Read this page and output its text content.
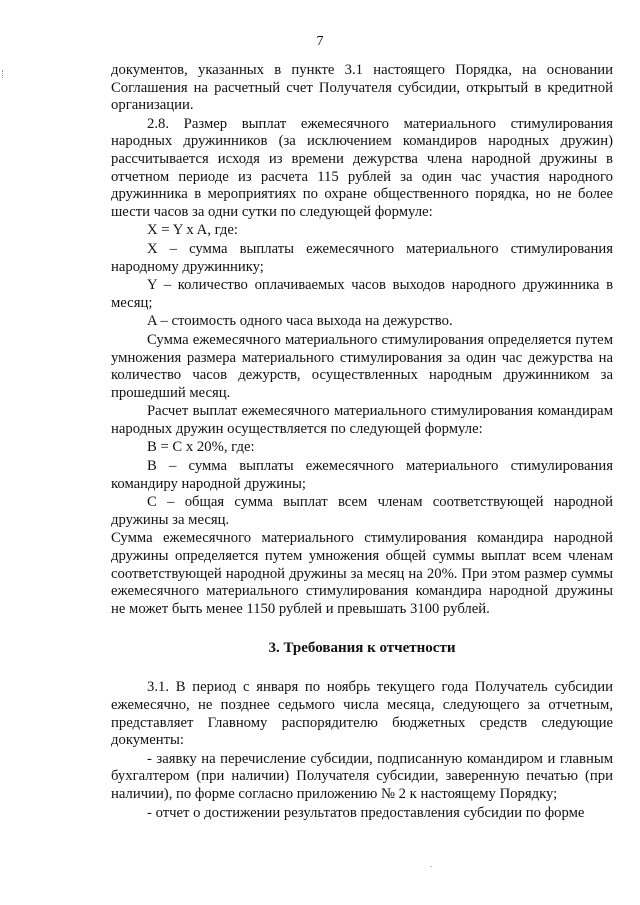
7

документов, указанных в пункте 3.1 настоящего Порядка, на основании Соглашения на расчетный счет Получателя субсидии, открытый в кредитной организации.

2.8. Размер выплат ежемесячного материального стимулирования народных дружинников (за исключением командиров народных дружин) рассчитывается исходя из времени дежурства члена народной дружины в отчетном периоде из расчета 115 рублей за один час участия народного дружинника в мероприятиях по охране общественного порядка, но не более шести часов за одни сутки по следующей формуле:

X = Y x A, где:

X – сумма выплаты ежемесячного материального стимулирования народному дружиннику;

Y – количество оплачиваемых часов выходов народного дружинника в месяц;

A – стоимость одного часа выхода на дежурство.

Сумма ежемесячного материального стимулирования определяется путем умножения размера материального стимулирования за один час дежурства на количество часов дежурств, осуществленных народным дружинником за прошедший месяц.

Расчет выплат ежемесячного материального стимулирования командирам народных дружин осуществляется по следующей формуле:

B = C x 20%, где:

B – сумма выплаты ежемесячного материального стимулирования командиру народной дружины;

C – общая сумма выплат всем членам соответствующей народной дружины за месяц.

Сумма ежемесячного материального стимулирования командира народной дружины определяется путем умножения общей суммы выплат всем членам соответствующей народной дружины за месяц на 20%. При этом размер суммы ежемесячного материального стимулирования командира народной дружины не может быть менее 1150 рублей и превышать 3100 рублей.

3. Требования к отчетности

3.1. В период с января по ноябрь текущего года Получатель субсидии ежемесячно, не позднее седьмого числа месяца, следующего за отчетным, представляет Главному распорядителю бюджетных средств следующие документы:

- заявку на перечисление субсидии, подписанную командиром и главным бухгалтером (при наличии) Получателя субсидии, заверенную печатью (при наличии), по форме согласно приложению № 2 к настоящему Порядку;

- отчет о достижении результатов предоставления субсидии по форме
